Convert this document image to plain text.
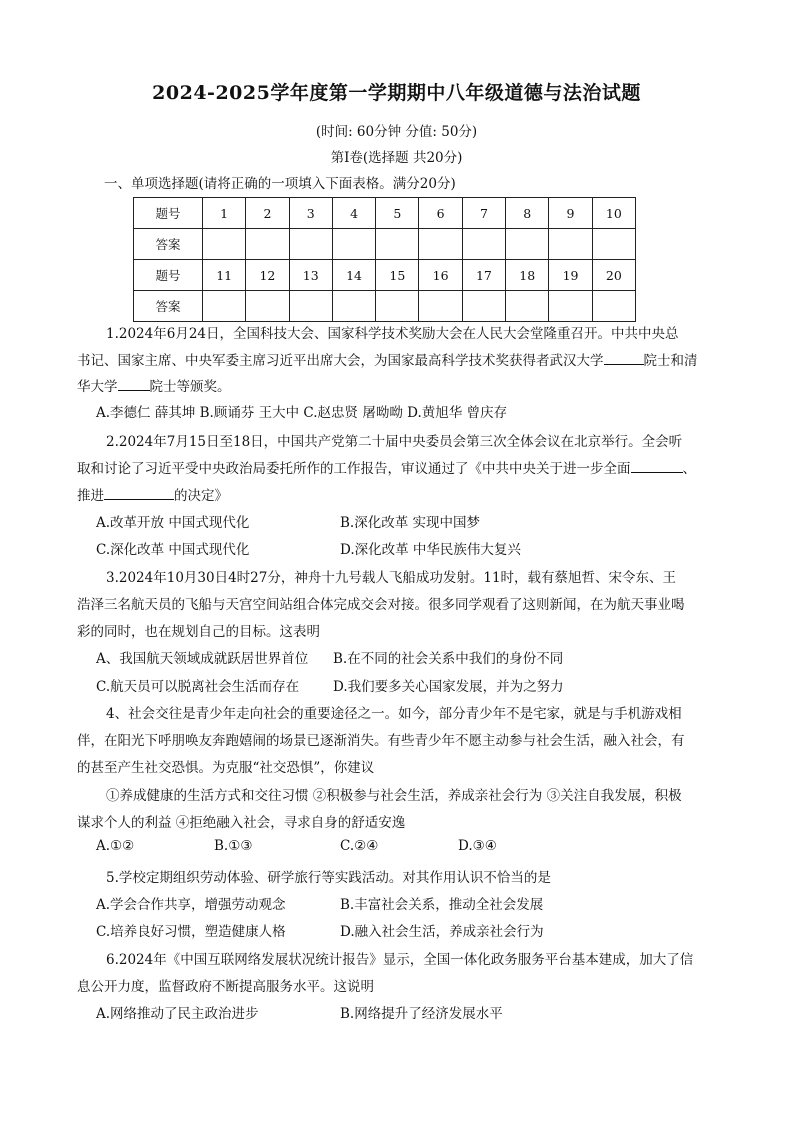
2024-2025学年度第一学期期中八年级道德与法治试题
(时间: 60分钟 分值: 50分)
第Ⅰ卷(选择题 共20分)
一、单项选择题(请将正确的一项填入下面表格。满分20分)
题号	1	2	3	4	5	6	7	8	9	10
答案										
题号	11	12	13	14	15	16	17	18	19	20
答案										
1.2024年6月24日，全国科技大会、国家科学技术奖励大会在人民大会堂隆重召开。中共中央总
书记、国家主席、中央军委主席习近平出席大会，为国家最高科学技术奖获得者武汉大学	院士和清
华大学 院士等颁奖。
A.李德仁 薛其坤 B.顾诵芬 王大中 C.赵忠贤 屠呦呦 D.黄旭华 曾庆存
2.2024年7月15日至18日，中国共产党第二十届中央委员会第三次全体会议在北京举行。全会听
取和讨论了习近平受中央政治局委托所作的工作报告，审议通过了《中共中央关于进一步全面	、
推进	的决定》
A.改革开放 中国式现代化	B.深化改革 实现中国梦
C.深化改革 中国式现代化	D.深化改革 中华民族伟大复兴
3.2024年10月30日4时27分，神舟十九号载人飞船成功发射。11时，载有蔡旭哲、宋令东、王
浩泽三名航天员的飞船与天宫空间站组合体完成交会对接。很多同学观看了这则新闻，在为航天事业喝
彩的同时，也在规划自己的目标。这表明
A、我国航天领域成就跃居世界首位 B.在不同的社会关系中我们的身份不同
C.航天员可以脱离社会生活而存在	D.我们要多关心国家发展，并为之努力
4、社会交往是青少年走向社会的重要途径之一。如今，部分青少年不是宅家，就是与手机游戏相
伴，在阳光下呼朋唤友奔跑嬉闹的场景已逐渐消失。有些青少年不愿主动参与社会生活，融入社会，有
的甚至产生社交恐惧。为克服“社交恐惧”，你建议
①养成健康的生活方式和交往习惯 ②积极参与社会生活，养成亲社会行为 ③关注自我发展，积极
谋求个人的利益 ④拒绝融入社会，寻求自身的舒适安逸
A.①②	B.①③	C.②④	D.③④
5.学校定期组织劳动体验、研学旅行等实践活动。对其作用认识不恰当的是
A.学会合作共享，增强劳动观念	B.丰富社会关系，推动全社会发展
C.培养良好习惯，塑造健康人格	D.融入社会生活，养成亲社会行为
6.2024年《中国互联网络发展状况统计报告》显示，全国一体化政务服务平台基本建成，加大了信
息公开力度，监督政府不断提高服务水平。这说明
A.网络推动了民主政治进步	B.网络提升了经济发展水平
